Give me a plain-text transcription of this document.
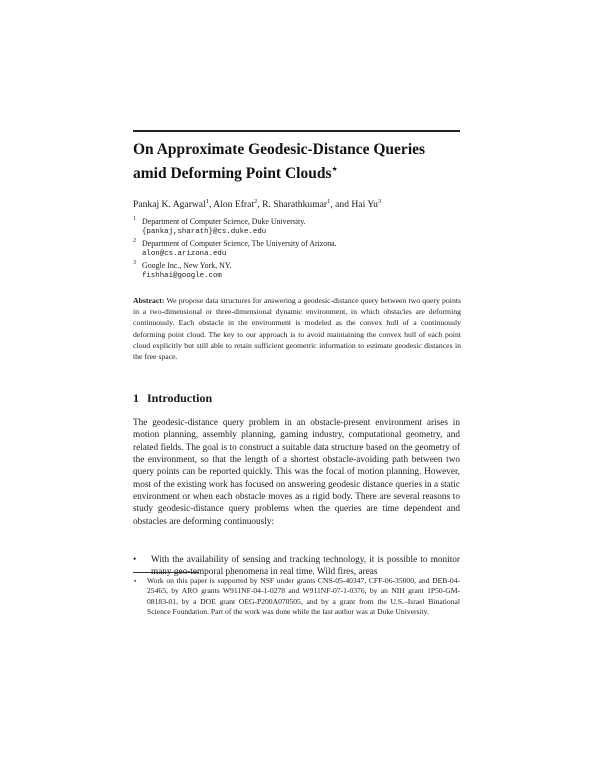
On Approximate Geodesic-Distance Queries
amid Deforming Point Clouds⋆
Pankaj K. Agarwal$^1$, Alon Efrat$^2$, R. Sharathkumar$^1$, and Hai Yu$^3$
1 Department of Computer Science, Duke University.
{pankaj,sharath}@cs.duke.edu
2 Department of Computer Science, The University of Arizona.
alon@cs.arizona.edu
3 Google Inc., New York, NY.
fishhai@google.com

Abstract: We propose data structures for answering a geodesic-distance query between two query points in a two-dimensional or three-dimensional dynamic environment, in which obstacles are deforming continuously. Each obstacle in the environment is modeled as the convex hull of a continuously deforming point cloud. The key to our approach is to avoid maintaining the convex hull of each point cloud explicitly but still able to retain sufficient geometric information to estimate geodesic distances in the free space.

1 Introduction

The geodesic-distance query problem in an obstacle-present environment arises in motion planning, assembly planning, gaming industry, computational geometry, and related fields. The goal is to construct a suitable data structure based on the geometry of the environment, so that the length of a shortest obstacle-avoiding path between two query points can be reported quickly. This was the focal of motion planning. However, most of the existing work has focused on answering geodesic distance queries in a static environment or when each obstacle moves as a rigid body. There are several reasons to study geodesic-distance query problems when the queries are time dependent and obstacles are deforming continuously:

• With the availability of sensing and tracking technology, it is possible to monitor many geo-temporal phenomena in real time. Wild fires, areas
⋆ Work on this paper is supported by NSF under grants CNS-05-40347, CFF-06-35000, and DEB-04-25465, by ARO grants W911NF-04-1-0278 and W911NF-07-1-0376, by an NIH grant 1P50-GM-08183-01, by a DOE grant OEG-P200A070505, and by a grant from the U.S.–Israel Binational Science Foundation. Part of the work was done while the last author was at Duke University.
